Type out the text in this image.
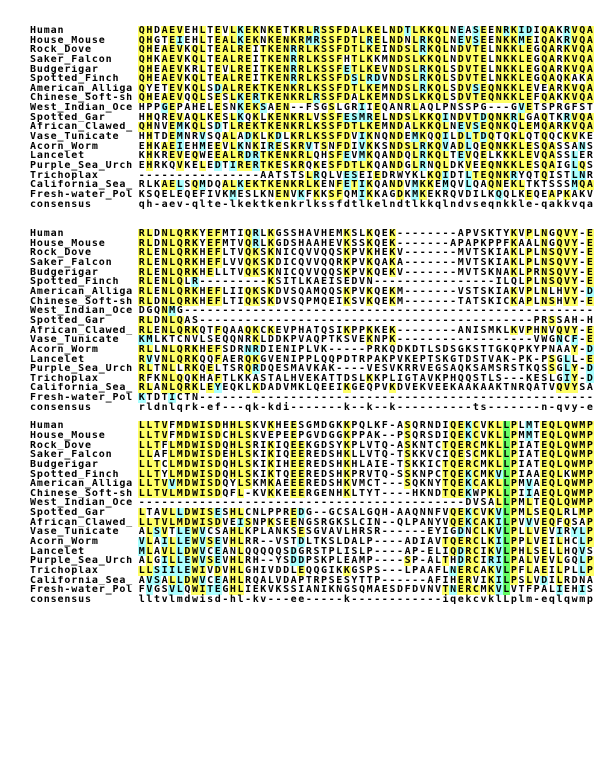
Human	Q H D A E V E H L T E V L K E K N K E T K R L R S S F D A L K E L N D T L K K Q L N E A S E E N R K I D I Q A K R V Q A
House_Mouse	Q H G T E I E H L T E A L K E K N K E N K R M R S S F D T L R E L N D N L R K Q L N E V S E E N K K M E I Q A K R V Q A
Rock_Dove	Q H E A E V K Q L T E A L R E I T K E N R R L K S S F D T L K E I N D S L R K Q L N D V T E L N K K L E G Q A R K V Q A
Saker_Falcon	Q H K A E V K Q L T E A L R E I T K E N R R L K S S F H T L K K M N D S L K K Q L N D V T E L N K K L E G Q A R K V Q A
Budgerigar	Q H E A E V K R L T E V L R E I T K E N R R L K S S F E T L K E V N D S L R K Q L S D V T E L N K K L E G Q A R K V Q A
Spotted_Finch Q H E A E V K Q L T E A L R E I T K E N R R L K S S F D S L R D V N D S L R K Q L S D V T E L N K K L E G Q A Q K A K A
American_Alliga Q Y E T E V K Q L S D A L R E K T K E N K R L K S S F D T L K E M N D S L R K Q L S D V S E Q N K K L E V E A R K V Q A
Chinese_Soft-sh Q H E A E V Q Q L S E S L K E R T K E N K R L R S S F D A L K E M N D S L K K Q L S D V T E Q N K K L E F Q A K K V Q A
West_Indian_Oce H P P G E P A H E L E S N K E K S A E N - - F S G S L G R I I E Q A N R L A Q L P N S S P G - - - G V E T S P R G F S T
Spotted_Gar	H H Q R E V A Q L K E S L K Q K L K E N K R L V S S F E S M R E L N D S L K K Q I N D V T D Q N K R L G A Q T K R V Q A
African_Clawed_ Q H N V E M K Q L S D T L R E K T K E N K R L K S S F D T L K E M N D A L K K Q L N E V S E Q N K Q L E M Q A R K V Q A
Vase_Tunicate H H T D E M N R V S Q A L A D K L K D L K R L K S S F D V I K N Q N D E M K Q Q I L D L T D Q T Q K L Q T Q Q C K V K E
Acorn_Worm	E H K A E I E H M E E V L K N K I R E S K R V T S N F D I V K K S N D S L R K Q V A D L Q E Q N K K L E S Q A S S A N S
Lancelet	K H K R E V E Q W E E A L R D R T K E N K R L Q H S F E V M K Q A N D Q L R K Q L T E V Q E L K K K L E V Q A S S L E R
Purple_Sea_Urch E H R K Q V K E L E D T I R E R T K E S K R Q K E S F D T L K Q A N D G L R N Q L D K V E E Q N K K L E S Q A I G L Q S
Trichoplax	- - - - - - - - - - - - - - - - A A T S T S L R Q L V E S E I E D R W Y K L K Q I D T L T E Q N K R Y Q T Q I S T L N R
California_Sea_ R L K A E L S Q M D Q A L K E K T K E N K R L K E N F E T I K Q A N D V M K K E M Q V L Q A Q N E K L T K T S S S M Q A
Fresh-water_Pol K S Q E L E Q E F I V K M E S L K N E N V K F K K S F Q M I K K A G D K M K E K R Q V D I L K Q Q L K E Q E A P K A K V
consensus	q h - a e v - q l t e - l k e k t k e n k r l k s s f d t l k e l n d t l k k q l n d v s e q n k k l e - q a k k v q a
Human	R L D N L Q R K Y E F M T I Q R L K G S S H A V H E M K S L K Q E K - - - - - - - - A P V S K T Y K V P L N G Q V Y - E
House_Mouse	R L D N L Q R K Y E F M T V Q R L K G D S H A A H E V K S S K Q E K - - - - - - - A P A P K P P F K A A L N G Q V Y - E
Rock_Dove	R L E N L Q R K H E F L T V Q K S K N I C Q V V Q Q S K P V K H E K V - - - - - - - M V T S K I A K L P L N S Q V Y - E
Saker_Falcon	R L E N L Q R K H E F L V V Q K S K D I C Q V V Q Q R K P V K Q A K A - - - - - - - M V T S K I A K L P L N S Q V Y - E
Budgerigar	R L E N L Q R K H E L L T V Q K S K N I C Q V V Q Q S K P V K Q E K V - - - - - - - M V T S K N A K L P R N S Q V Y - E
Spotted_Finch R L E N L Q L R - - - - - - - - - K S I T L K A E I S E D V N - - - - - - - - - - - - - - - - I L Q L P L N S Q V Y - E
American_Alliga R L E N L Q R K H E F L I I Q K S K D V S Q A M Q Q S K P V K Q E K M - - - - - - - V S T S K I A K V P L N L H V Y - D
Chinese_Soft-sh R L D N L Q R K H E F L T I Q K S K D V S Q P M Q E I K S V K Q E K M - - - - - - - T A T S K I C K A P L N S H V Y - E
West_Indian_Oce D G Q N M G - - - - - - - - - - - - - - - - - - - - - - - - - - - - - - - - - - - - - - - - - - - - - - - - - - - - - -
Spotted_Gar	R L D N L Q A S - - - - - - - - - - - - - - - - - - - - - - - - - - - - - - - - - - - - - - - - - - - - P R S S A H - H
African_Clawed_ R L E N L Q R K Q T F Q A A Q K C K E V P H A T Q S I K P P K K E K - - - - - - - - A N I S M K L K V P H N V Q V Y - E
Vase_Tunicate K M L K T C N V L S E Q Q N R K L D D K P V A Q P T K S V E K N P K - - - - - - - - - - - - - - - - - - V W G N C F - E
Acorn_Worm	R L L N L Q R K H E F S D R N R D I E N I P L V K - - - - - P R K Q D K D T L S D S G K S T T G K Q P K Y P N A A Y - D
Lancelet	R V V N L Q R K Q Q F A E R Q K G V E N I P P L Q Q P D T R P A K P V K E P T S K G T D S T V A K - P K - P S G L L - E
Purple_Sea_Urch R L T N L L R K Q E L T S R Q R D Q E S M A V K A K - - - - V E S V K R R V E G S A Q K S A M S R S T K Q S S G L Y - D
Trichoplax	R F K N L Q Q K H A F T L K K A S T A L H V E K A T T D S L K K P L I G T A V K P H Q Q S T L S - - - K E S L G I Y - D
California_Sea_ R L A N L Q R K L E Y E Q K L K D A D V M K L Q E E I K G E Q P V K D V E K V E E K A A K A A K T N R Q A T V Q V Y S A
Fresh-water_Pol K T D T I C T N - - - - - - - - - - - - - - - - - - - - - - - - - - - - - - - - - - - - - - - - - - - - - - - - - - - -
consensus	r l d n l q r k - e f - - - q k - k d i - - - - - - - k - - k - - k - - - - - - - - - - t s - - - - - - - n - q v y - e
Human	L L T V F M D W I S D H H L S K V K H E E S G M D G K K P Q L K F - A S Q R N D I Q E K C V K L L P L M T E Q L Q W M P
House_Mouse	L L T V F M D W I S D C H L S K V E P E E P G V D G G K P P A K - - P S Q R S D I Q E K C V K L L P M M T E Q L Q W M P
Rock_Dove	L L T F L M D W I S D Q H L S R I K I Q E E K G D S Y K P L V T Q - A S K N T C T Q E R C M K L L P I A T E Q L Q W M P
Saker_Falcon	L L A F L M D W I S D E H L S K I K I Q E E R E D S H K L L V T Q - T S K K V C I Q E S C M K L L P I A T E Q L Q W M P
Budgerigar	L L T C L M D W I S D Q H L S K I K I H E E R E D S H K H L A I E - T S K K I C T Q E R C M K L L P I A T E Q L Q W M P
Spotted_Finch L L T Y L M D W I S D Q H L S K I K T Q E E R E D S H K P R V T Q - S S K N P C T Q E K C M K V L P I A A E Q L K W M P
American_Alliga L L T V V M D W I S D Q Y L S K M K A E E E R E D S H K V M C T - - - S Q K N Y T Q E K C A K L L P M V A E Q L Q W M P
Chinese_Soft-sh L L T V L M D W I S D Q F L - K V K K E E E R G E N H K L T Y T - - - - H K N D T Q E K W P K L L P I I A E Q L Q W M P
West_Indian_Oce - - - - - - - - - - - - - - - - - - - - - - - - - - - - - - - - - - - - - - - - - - - D V S A L L P M L T E Q L Q W M P
Spotted_Gar	L T A V L L D W I S E S H L C N L P P R E D G - - G C S A L G Q H - A A Q N N F V Q E K C V K V L P M L S E Q L R L M P
African_Clawed_ L L T V L M D W I S D V E I S N P K S E E N G S R G K S L C I N - - Q L P A N Y V Q E K C A K I L P V V V E Q F Q S A P
Vase_Tunicate A L S V T L E W V C S A H L K P L A N K S E S G V A V L H R S R - - - - - - E Y I G D N C L K V L P L L V E V I R Y L P
Acorn_Worm	V L A I L L E W V S E V H L R R - - V S T D L T K S L D A L P - - - - A D I A V T Q E R C L K I L P P L V E I L H C L P
Lancelet	M L A V L L D W V C E A N L Q Q Q Q Q S D G R S T P L I S L P - - - - A P - E L I Q D R C I K V L P H L S E L L H Q V S
Purple_Sea_Urch A L G I L L E W V S E V H L R H - - Y S D D P S K P L E A M P - - - - S P - A L T H D R C I R I L P A L V E V L G Q L P
Trichoplax	L L S I I L E W I V D V H L G H I V D D L E Q Q G I K K G S P S - - - L P A A F L N E R C A K V L P F L A E I L P L L P
California_Sea_ A V S A L L D W V C E A H L R Q A L V D A P T R P S E S Y T T P - - - - - - A F I H E R V I K I L P S L V D I L R D N A
Fresh-water_Pol F V G S V L Q W I T E G H L I E K V K S S I A N I K N G S Q M A E S D F D V N V T N E R C M K V L V T F P A L I E H I S
consensus	l l t v l m d w i s d - h l - k v - - - e e - - - - - k - - - - - - - - - - - - i q e k c v k l L p l m - e q l q w m p
